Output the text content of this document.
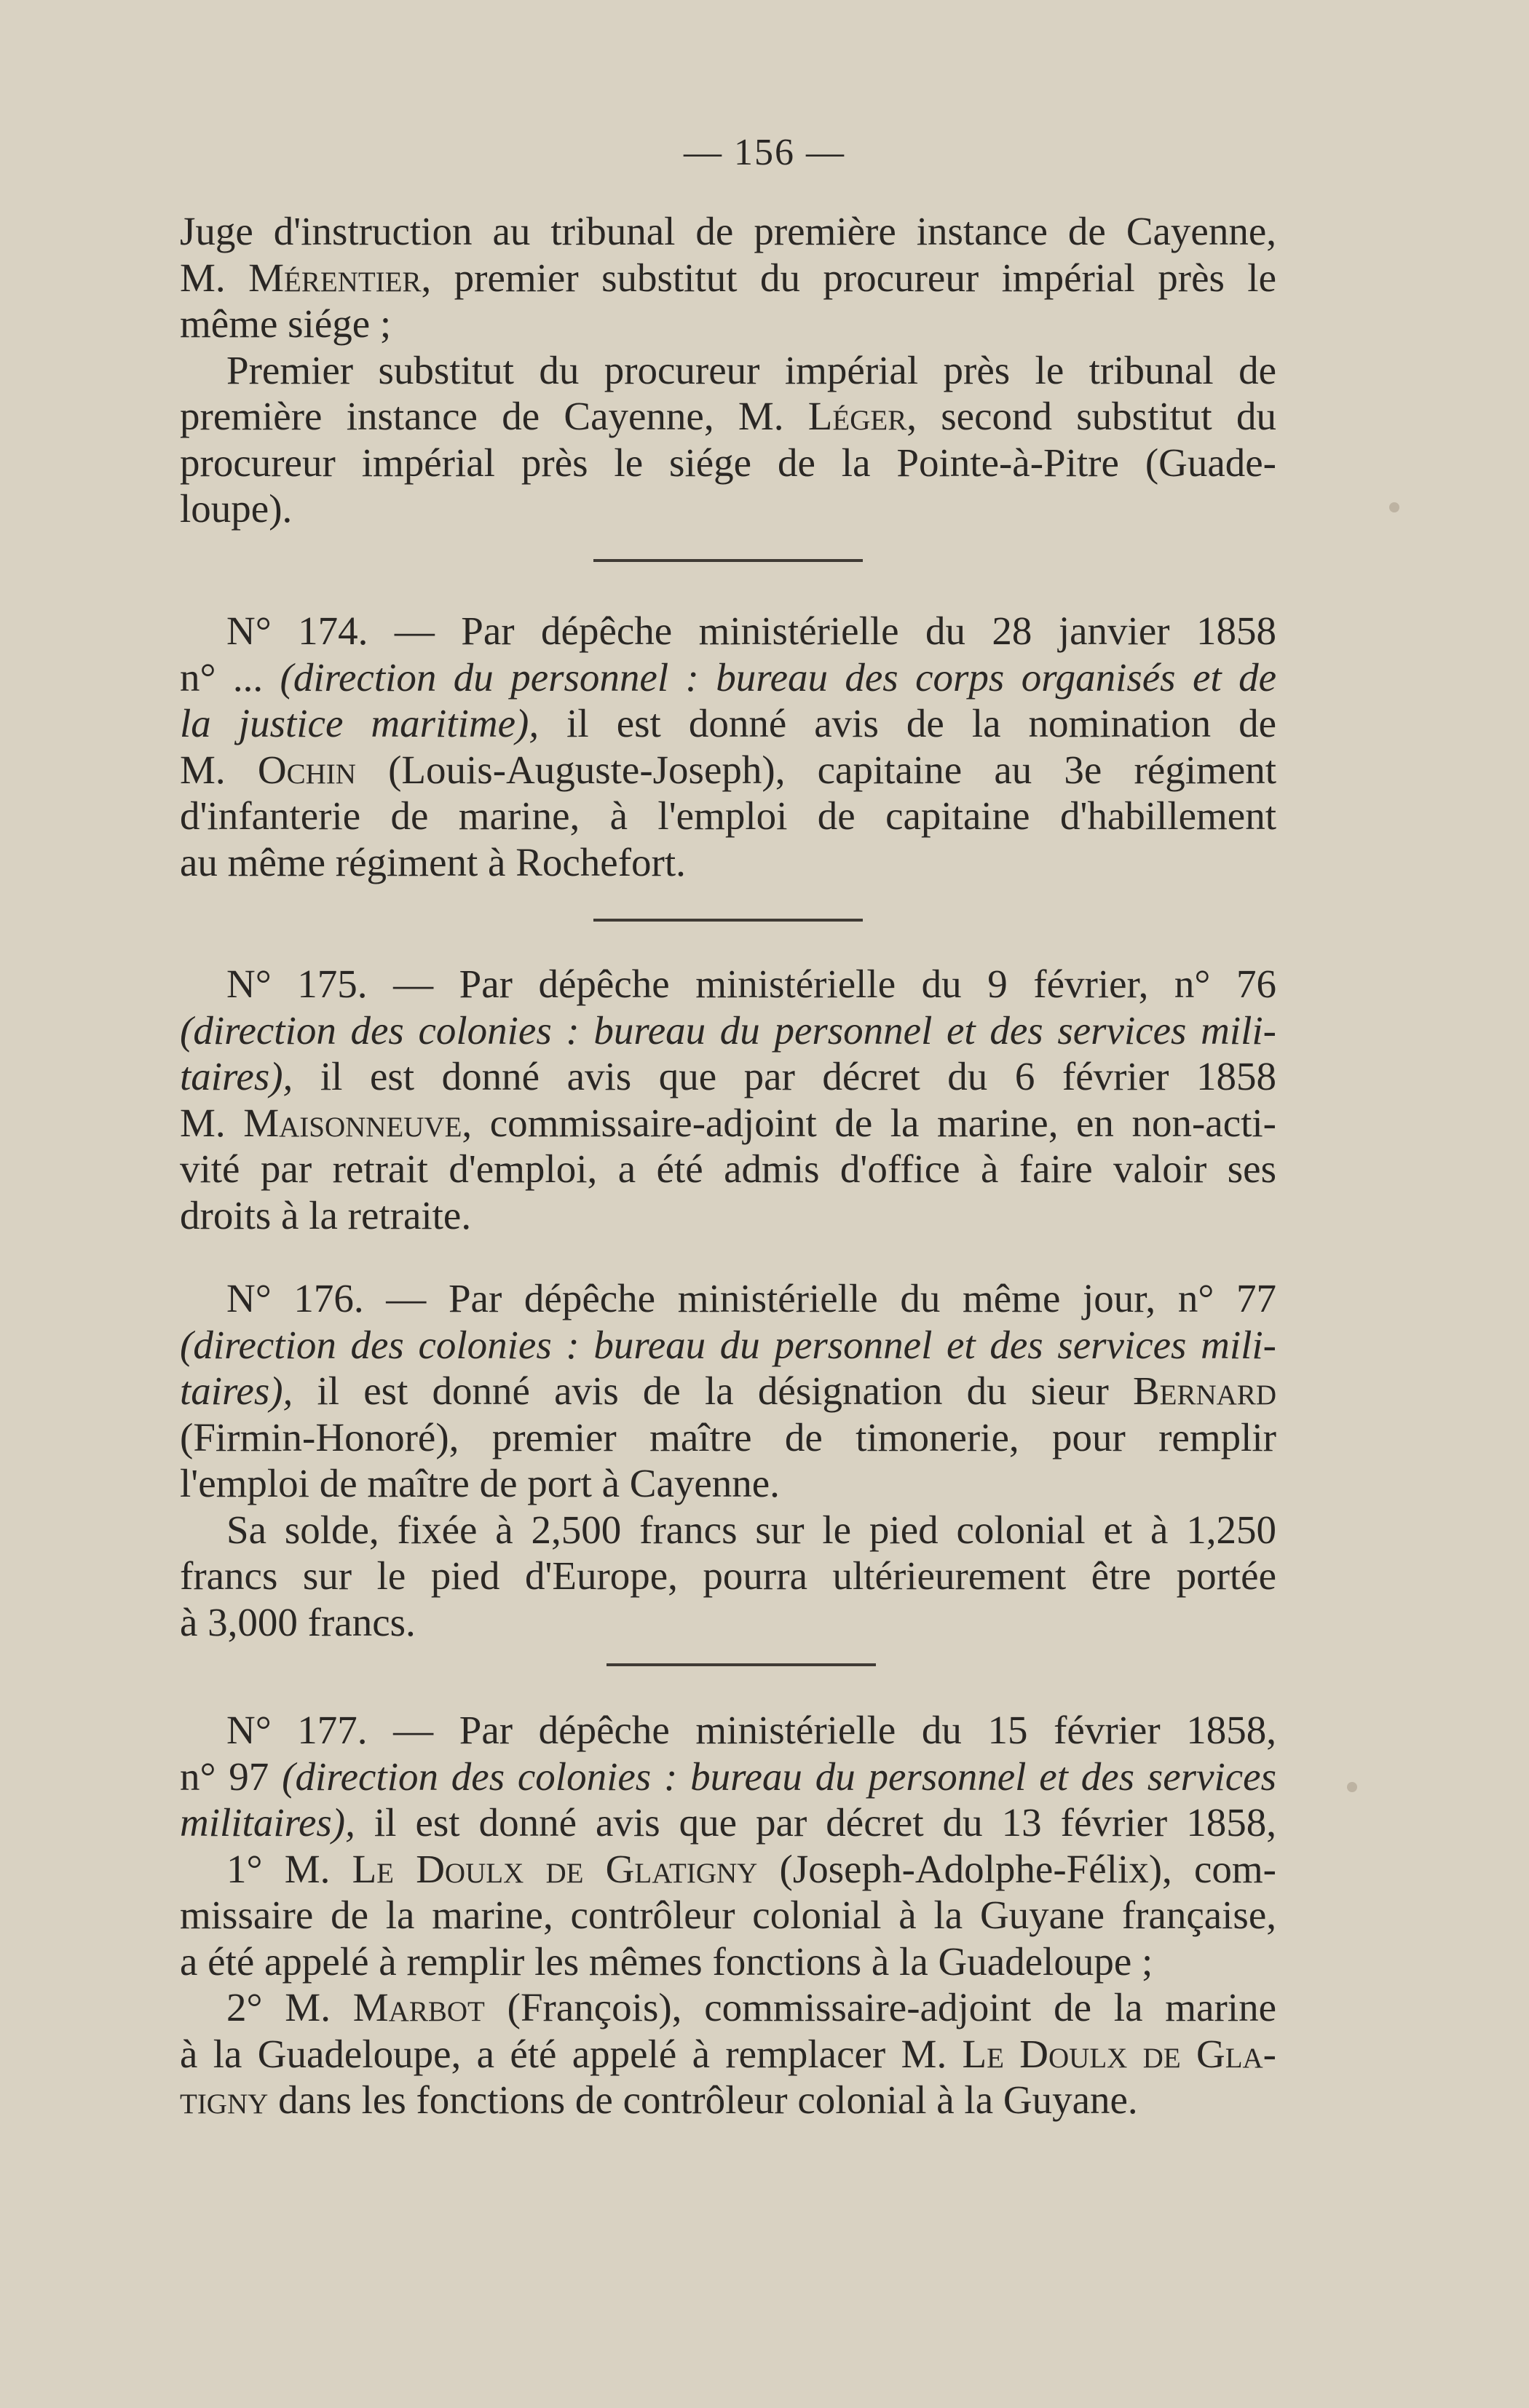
— 156 —
Juge d'instruction au tribunal de première instance de Cayenne,
M. Mérentier, premier substitut du procureur impérial près le
même siége ;
Premier substitut du procureur impérial près le tribunal de
première instance de Cayenne, M. Léger, second substitut du
procureur impérial près le siége de la Pointe-à-Pitre (Guade-
loupe).
N° 174. — Par dépêche ministérielle du 28 janvier 1858
n° ... (direction du personnel : bureau des corps organisés et de
la justice maritime), il est donné avis de la nomination de
M. Ochin (Louis-Auguste-Joseph), capitaine au 3e régiment
d'infanterie de marine, à l'emploi de capitaine d'habillement
au même régiment à Rochefort.
N° 175. — Par dépêche ministérielle du 9 février, n° 76
(direction des colonies : bureau du personnel et des services mili-
taires), il est donné avis que par décret du 6 février 1858
M. Maisonneuve, commissaire-adjoint de la marine, en non-acti-
vité par retrait d'emploi, a été admis d'office à faire valoir ses
droits à la retraite.
N° 176. — Par dépêche ministérielle du même jour, n° 77
(direction des colonies : bureau du personnel et des services mili-
taires), il est donné avis de la désignation du sieur Bernard
(Firmin-Honoré), premier maître de timonerie, pour remplir
l'emploi de maître de port à Cayenne.
Sa solde, fixée à 2,500 francs sur le pied colonial et à 1,250
francs sur le pied d'Europe, pourra ultérieurement être portée
à 3,000 francs.
N° 177. — Par dépêche ministérielle du 15 février 1858,
n° 97 (direction des colonies : bureau du personnel et des services
militaires), il est donné avis que par décret du 13 février 1858,
1° M. Le Doulx de Glatigny (Joseph-Adolphe-Félix), com-
missaire de la marine, contrôleur colonial à la Guyane française,
a été appelé à remplir les mêmes fonctions à la Guadeloupe ;
2° M. Marbot (François), commissaire-adjoint de la marine
à la Guadeloupe, a été appelé à remplacer M. Le Doulx de Gla-
tigny dans les fonctions de contrôleur colonial à la Guyane.
